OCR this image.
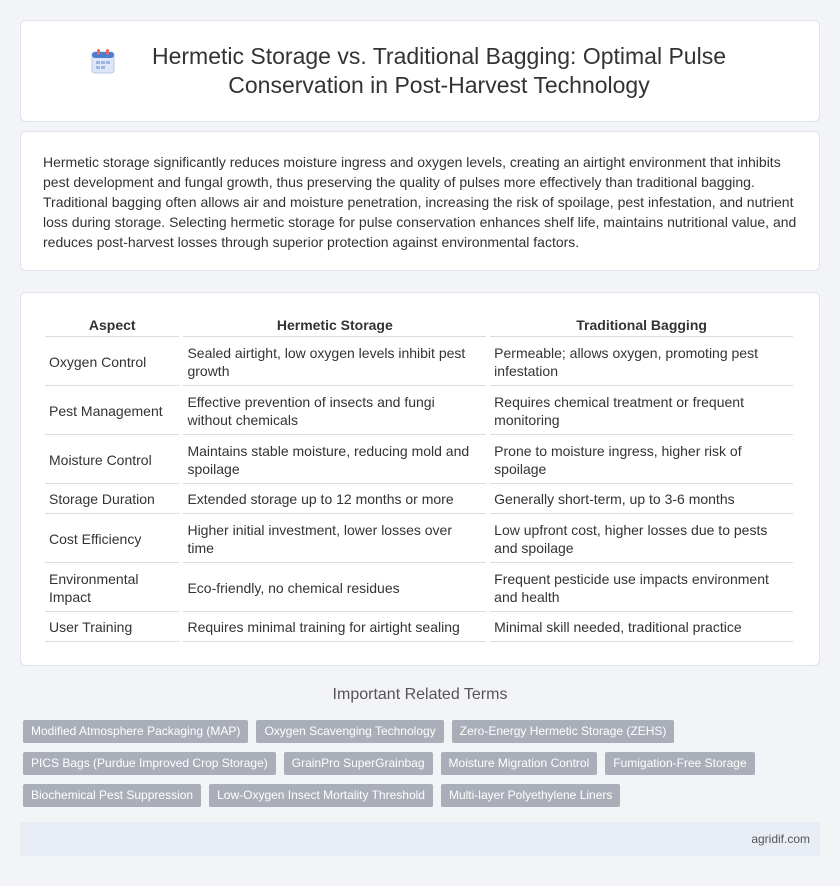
Hermetic Storage vs. Traditional Bagging: Optimal Pulse Conservation in Post-Harvest Technology

Hermetic storage significantly reduces moisture ingress and oxygen levels, creating an airtight environment that inhibits pest development and fungal growth, thus preserving the quality of pulses more effectively than traditional bagging. Traditional bagging often allows air and moisture penetration, increasing the risk of spoilage, pest infestation, and nutrient loss during storage. Selecting hermetic storage for pulse conservation enhances shelf life, maintains nutritional value, and reduces post-harvest losses through superior protection against environmental factors.

Aspect	Hermetic Storage	Traditional Bagging
Oxygen Control	Sealed airtight, low oxygen levels inhibit pest growth	Permeable; allows oxygen, promoting pest infestation
Pest Management	Effective prevention of insects and fungi without chemicals	Requires chemical treatment or frequent monitoring
Moisture Control	Maintains stable moisture, reducing mold and spoilage	Prone to moisture ingress, higher risk of spoilage
Storage Duration	Extended storage up to 12 months or more	Generally short-term, up to 3-6 months
Cost Efficiency	Higher initial investment, lower losses over time	Low upfront cost, higher losses due to pests and spoilage
Environmental Impact	Eco-friendly, no chemical residues	Frequent pesticide use impacts environment and health
User Training	Requires minimal training for airtight sealing	Minimal skill needed, traditional practice
Important Related Terms
Modified Atmosphere Packaging (MAP)	Oxygen Scavenging Technology	Zero-Energy Hermetic Storage (ZEHS)
PICS Bags (Purdue Improved Crop Storage)	GrainPro SuperGrainbag	Moisture Migration Control	Fumigation-Free Storage
Biochemical Pest Suppression	Low-Oxygen Insect Mortality Threshold	Multi-layer Polyethylene Liners
agridif.com
